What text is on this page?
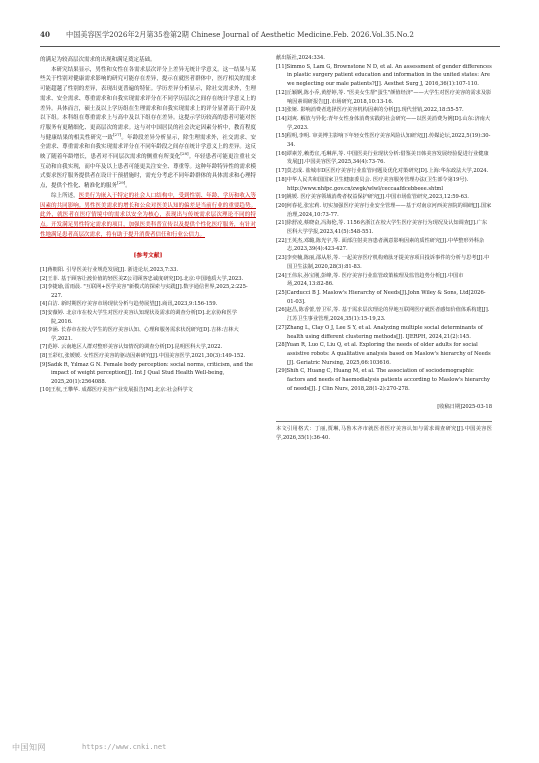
40 中国美容医学2026年2月第35卷第2期 Chinese Journal of Aesthetic Medicine.Feb. 2026.Vol.35.No.2

的满足为较高层次需求的出现和满足奠定基础。

本研究结果显示，男性和女性在各需求层次评分上差异无统计学意义。这一结果与某些关于性别对健康需求影响的研究可能存在差异，提示在就医者群体中，医疗相关的需求可能超越了性别的差异，表现出更普遍的特征。学历差异分析显示，除社交需求外，生理需求、安全需求、尊重需求和自我实现需求评分在不同学历层次之间存在统计学意义上的差异。具体而言，硕士及以上学历组在生理需求和自我实现需求上的评分显著高于高中及以下组。本科组在尊重需求上与高中及以下组存在差异。这提示学历较高的患者可能对医疗服务有更精细化、更高层次的需求。这与对中国居民的社会决定因素分析中，教育程度与健康结果的相关性研究一致[27]。年龄段差异分析显示，除生理需求外，社交需求、安全需求、尊重需求和自我实现需求评分在不同年龄段之间存在统计学意义上的差异。这反映了随着年龄增长，患者对不同层次需求的侧重有所变化[28]。年轻患者可能更注重社交互动和自我实现，而中年及以上患者可能更关注安全、尊重等。这种年龄特异性的需求模式要求医疗服务提供者在设计干预措施时，需充分考虑不同年龄群体的具体需求和心理特点，提供个性化、精准化的服务[29]。

综上所述，医美行为嵌入于特定的社会人口结构中，受到性别、年龄、学历和收入等因素的共同影响。男性医美需求的增长和公众对医美认知的偏差是当前行业的重要趋势。此外，就医者在医疗情境中的需求以安全为核心，表现出与传统需求层次理论不同的特点。开发满足男性特定需求的项目，加强医美科普宣传以及提供个性化医疗服务，有针对性地满足患者高层次需求，将有助于提升消费者信任和行业公信力。

[参考文献]

[1]蒋朝阳. 引导医美行业规范发展[J]. 浙进论坛,2023,7:33.

[2]王菲. 基于顾客让渡价值的轻医美Z公司顾客忠诚度研究[D].北京:中国地质大学,2023.

[3]李捷瑜,雷雨晨. "互联网+医学美容"新模式的探索与实践[J].数字通信世界,2025,2:225-227.

[4]白洁. 新时期医疗美容市场现状分析与趋势展望[J].商讯,2023,9:156-159.

[5]安薇婷. 北京市在校大学生对医疗美容认知现状及需求的调查分析[D].北京协和医学院,2016.

[6]李涵. 长春市在校大学生的医疗美容认知、心理和服务需求状况研究[D].吉林:吉林大学,2021.

[7]范婷. 云南地区人群对整形美容认知情况的调查分析[D].昆明医科大学,2022.

[8]王彩红,张媛媛. 女性医疗美容的驱动因素研究[J].中国美容医学,2021,30(3):149-152.

[9]Sadık R, Yılmaz G N. Female body perception: social norms, criticism, and the impact of weight perception[J]. Int J Qual Stud Health Well-being, 2025,20(1):2564088.

[10]王杭,王攀华. 成都医疗美容产业发展报告[M].北京:社会科学文

献出版社,2024:334.

[11]Simmo S, Lam G, Brownstone N D, et al. An assessment of gender differences in plastic surgery patient education and information in the united states: Are we neglecting our male patients?[J]. Aesthet Surg J, 2016,36(1):107-110.

[12]丘颖婀,陈小乔,黄舒婷,等. "医美女生帮"蛋生"颜值经济"——大学生对医疗美容的需求及影响因素调研报告[J].市场研究,2018,10:13-16.

[13]张娅. 影响消费者选择医疗美容机构因素的分析[J].现代营销,2022,18:55-57.

[14]刘爽. 解放与异化:青年女性身体消费实践的社会研究——以医美消费为例[D].山东:济南大学,2023.

[15]程明,李明. 审美博主影响下年轻女性医疗美容风险认知研究[J].传媒论坛,2022,5(19):30-34.

[16]谭素芳,赖勇宜,毛琳萍,等. 中国医美行业现状分析:借鉴美日韩美容发展经验促进行业健康发展[J].中国美容医学,2025,34(4):73-76.

[17]莫志成. 盐城市D区医疗美容行业监管问题及优化对策研究[D].上海:华东政法大学,2024.

[18]中华人民共和国国家卫生健康委员会. 医疗美容服务管理办法(卫生部令第19号). http://www.nhfpc.gov.cn/zwgk/wlwl/ceccaafdcebbeee.shtml

[19]姚媛. 医疗美容领域消费者权益保护研究[J].中国市场监管研究,2023,12:59-63.

[20]何春花,张宏莉. 切实加强医疗美容行业安全管理——基于对南京河西美容院的调研[J].国家治理,2024,10:73-77.

[21]徐舒凌,蔡晓奋,冯海伦,等. 1156名浙江在校大学生医疗美容行为现况及认知调查[J].广东医科大学学报,2023,41(5):548-551.

[22]王英杰,邓璐,陈光宇,等. 面部注射美容患者满意影响因素的质性研究[J].中华整形外科杂志,2023,39(4):423-427.

[23]李奕楠,陈丽,邵从彤,等. 一起美容医疗机构殖肽牙提美容项目投诉事件的分析与思考[J].中国卫生法制,2020,28(3):81-83.

[24]王伟东,孙宝刚,彭峰,等. 医疗美容行业监管政策梳理及监管趋势分析[J].中国市场,2024,13:82-86.

[25]Carducci B J. Maslow's Hierarchy of Needs[J].John Wiley & Sons, Ltd[2026-01-03].

[26]赵昌,陈香蕾,曾卫军,等. 基于需求层次理论的异地互联网医疗就医者感知价值体系构建[J].江苏卫生事业管理,2024,35(1):15-19,23.

[27]Zhang L, Clay O J, Lee S Y, et al. Analyzing multiple social determinants of health using different clustering methods[J]. IJERPH, 2024,21(2):145.

[28]Yuan R, Luo C, Liu Q, et al. Exploring the needs of older adults for social assistive robots: A qualitative analysis based on Maslow's hierarchy of Needs [J]. Geriatric Nursing, 2025,66:103616.

[29]Shih C, Huang C, Huang M, et al. The association of sociodemographic factors and needs of haemodialysis patients according to Maslow's hierarchy of needs[J]. J Clin Nurs, 2018,28(1-2):270-278.

[收稿日期]2025-03-18
本文引用格式：丁丽,贾琳,马鲁木齐市就医者医疗美容认知与需求调查研究[J].中国美容医学,2026,35(1):36-40.
中国知网	https://www.cnki.net
